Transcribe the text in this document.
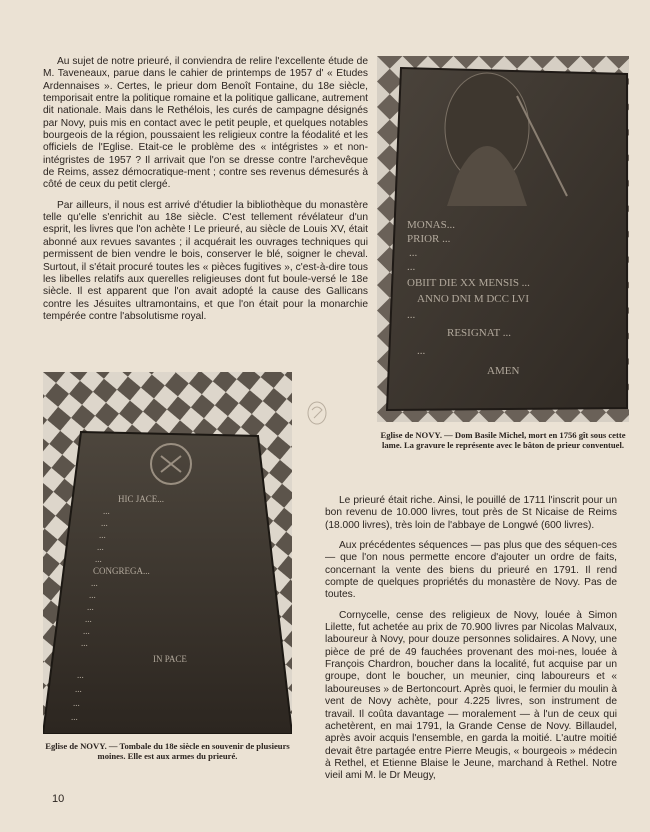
Au sujet de notre prieuré, il conviendra de relire l'excellente étude de M. Taveneaux, parue dans le cahier de printemps de 1957 d' « Etudes Ardennaises ». Certes, le prieur dom Benoît Fontaine, du 18e siècle, temporisait entre la politique romaine et la politique gallicane, autrement dit nationale. Mais dans le Rethélois, les curés de campagne désignés par Novy, puis mis en contact avec le petit peuple, et quelques notables bourgeois de la région, poussaient les religieux contre la féodalité et les officiels de l'Eglise. Etait-ce le problème des « intégristes » et non-intégristes de 1957 ? Il arrivait que l'on se dresse contre l'archevêque de Reims, assez démocratique-ment ; contre ses revenus démesurés à côté de ceux du petit clergé.

Par ailleurs, il nous est arrivé d'étudier la bibliothèque du monastère telle qu'elle s'enrichit au 18e siècle. C'est tellement révélateur d'un esprit, les livres que l'on achète ! Le prieuré, au siècle de Louis XV, était abonné aux revues savantes ; il acquérait les ouvrages techniques qui permissent de bien vendre le bois, conserver le blé, soigner le cheval. Surtout, il s'était procuré toutes les « pièces fugitives », c'est-à-dire tous les libelles relatifs aux querelles religieuses dont fut boule-versé le 18e siècle. Il est apparent que l'on avait adopté la cause des Gallicans contre les Jésuites ultramontains, et que l'on était pour la monarchie tempérée contre l'absolutisme royal.

MONAS...
PRIOR ...
...
...
OBIIT DIE XX MENSIS ...
ANNO DNI M DCC LVI
...
RESIGNAT ...
...
AMEN
Eglise de NOVY. — Dom Basile Michel, mort en 1756 gît sous cette lame. La gravure le représente avec le bâton de prieur conventuel.
HIC JACE...
...
...
...
...
...
CONGREGA...
...
...
...
...
...
...
IN PACE
...
...
...
...
Eglise de NOVY. — Tombale du 18e siècle en souvenir de plusieurs moines. Elle est aux armes du prieuré.

Le prieuré était riche. Ainsi, le pouillé de 1711 l'inscrit pour un bon revenu de 10.000 livres, tout près de St Nicaise de Reims (18.000 livres), très loin de l'abbaye de Longwé (600 livres).

Aux précédentes séquences — pas plus que des séquen-ces — que l'on nous permette encore d'ajouter un ordre de faits, concernant la vente des biens du prieuré en 1791. Il rend compte de quelques propriétés du monastère de Novy. Pas de toutes.

Cornycelle, cense des religieux de Novy, louée à Simon Lilette, fut achetée au prix de 70.900 livres par Nicolas Malvaux, laboureur à Novy, pour douze personnes solidaires. A Novy, une pièce de pré de 49 fauchées provenant des moi-nes, louée à François Chardron, boucher dans la localité, fut acquise par un groupe, dont le boucher, un meunier, cinq laboureurs et « laboureuses » de Bertoncourt. Après quoi, le fermier du moulin à vent de Novy achète, pour 4.225 livres, son instrument de travail. Il coûta davantage — moralement — à l'un de ceux qui achetèrent, en mai 1791, la Grande Cense de Novy. Billaudel, après avoir acquis l'ensemble, en garda la moitié. L'autre moitié devait être partagée entre Pierre Meugis, « bourgeois » médecin à Rethel, et Etienne Blaise le Jeune, marchand à Rethel. Notre vieil ami M. le Dr Meugy,

10
